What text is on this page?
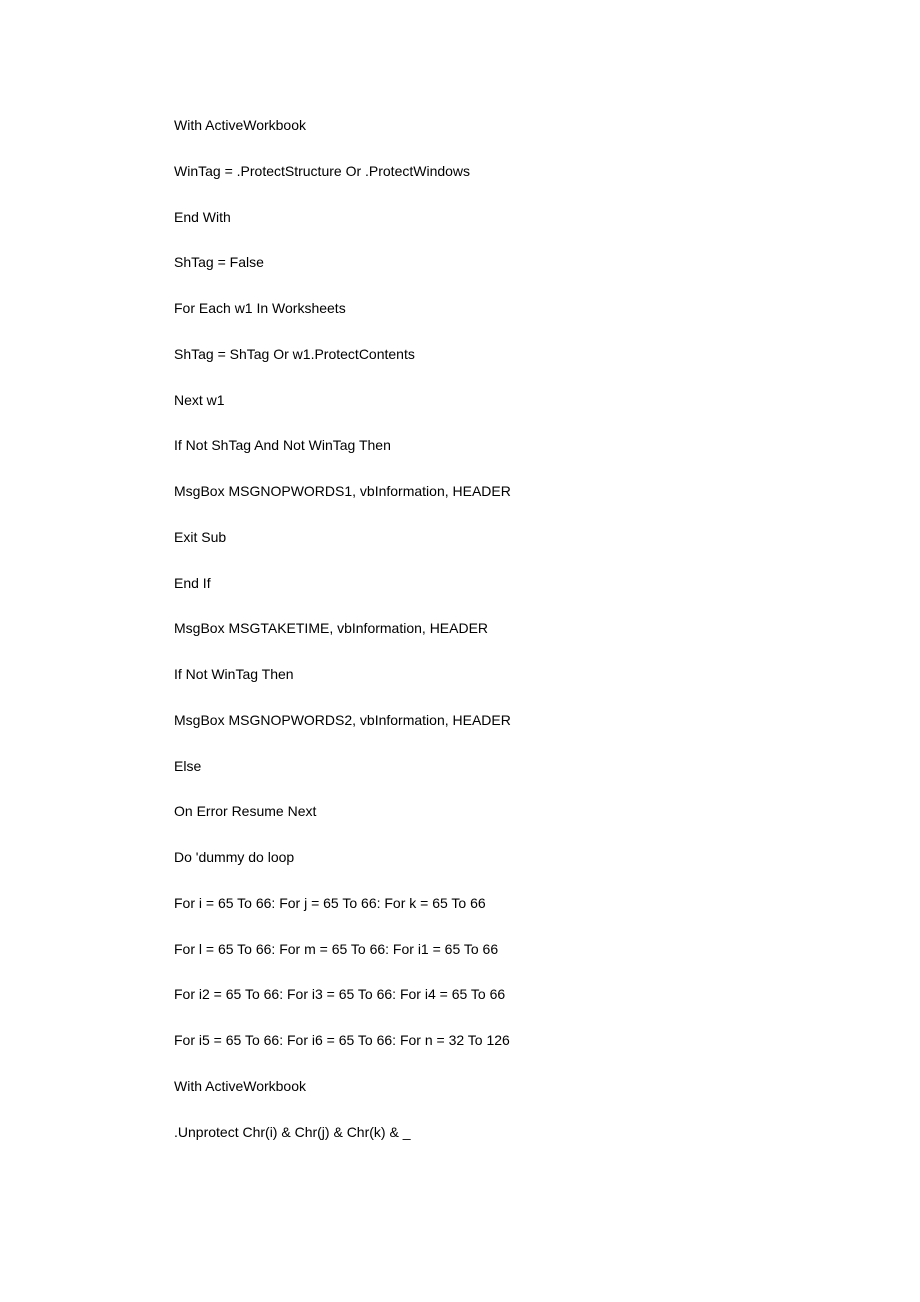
With ActiveWorkbook
WinTag = .ProtectStructure Or .ProtectWindows
End With
ShTag = False
For Each w1 In Worksheets
ShTag = ShTag Or w1.ProtectContents
Next w1
If Not ShTag And Not WinTag Then
MsgBox MSGNOPWORDS1, vbInformation, HEADER
Exit Sub
End If
MsgBox MSGTAKETIME, vbInformation, HEADER
If Not WinTag Then
MsgBox MSGNOPWORDS2, vbInformation, HEADER
Else
On Error Resume Next
Do 'dummy do loop
For i = 65 To 66: For j = 65 To 66: For k = 65 To 66
For l = 65 To 66: For m = 65 To 66: For i1 = 65 To 66
For i2 = 65 To 66: For i3 = 65 To 66: For i4 = 65 To 66
For i5 = 65 To 66: For i6 = 65 To 66: For n = 32 To 126
With ActiveWorkbook
.Unprotect Chr(i) & Chr(j) & Chr(k) & _
